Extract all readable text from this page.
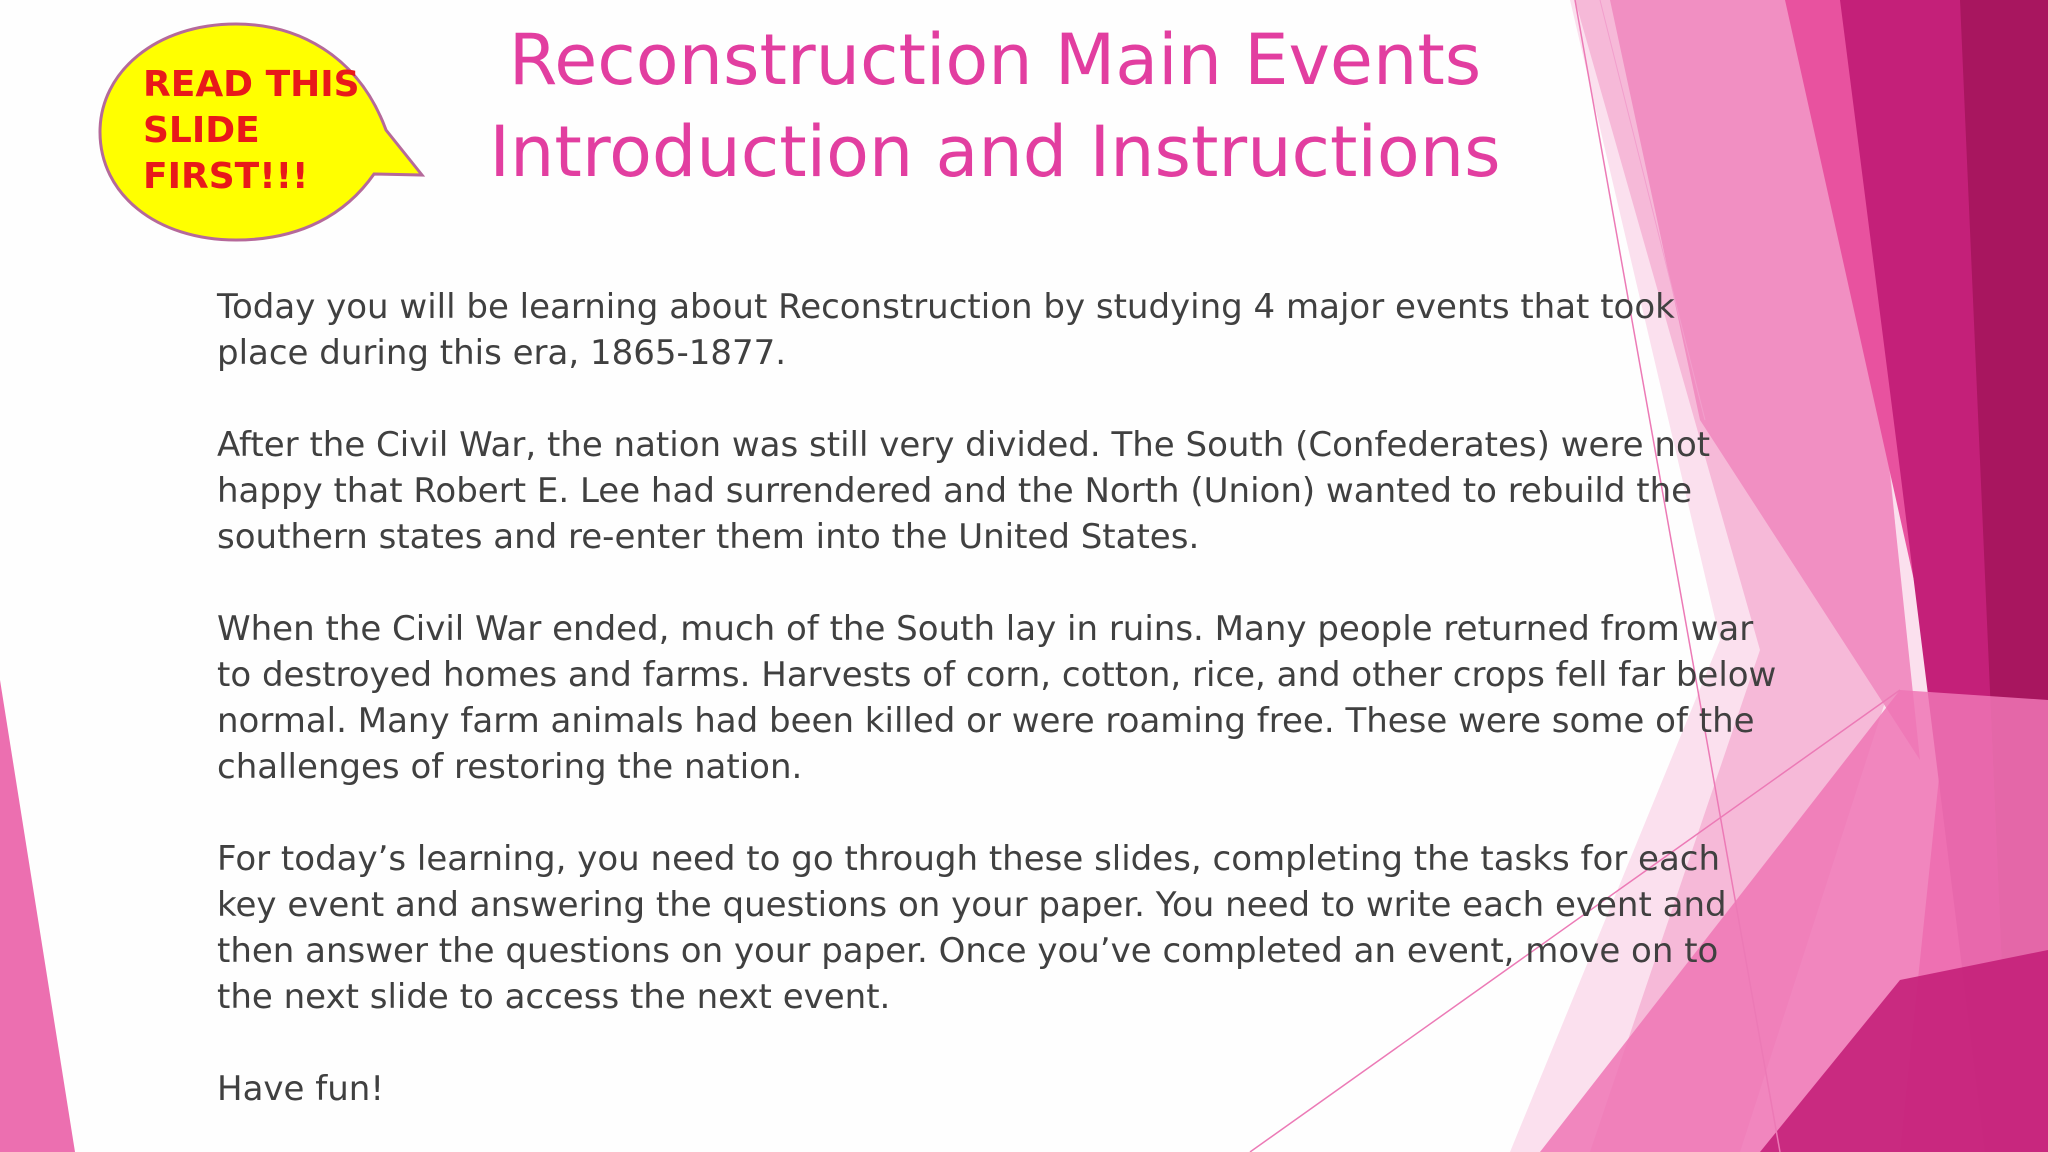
READ THIS
SLIDE
FIRST!!!
Reconstruction Main Events
Introduction and Instructions

Today you will be learning about Reconstruction by studying 4 major events that took place during this era, 1865-1877.

After the Civil War, the nation was still very divided. The South (Confederates) were not happy that Robert E. Lee had surrendered and the North (Union) wanted to rebuild the southern states and re-enter them into the United States.

When the Civil War ended, much of the South lay in ruins. Many people returned from war to destroyed homes and farms. Harvests of corn, cotton, rice, and other crops fell far below normal. Many farm animals had been killed or were roaming free. These were some of the challenges of restoring the nation.

For today’s learning, you need to go through these slides, completing the tasks for each key event and answering the questions on your paper. You need to write each event and then answer the questions on your paper. Once you’ve completed an event, move on to the next slide to access the next event.

Have fun!
